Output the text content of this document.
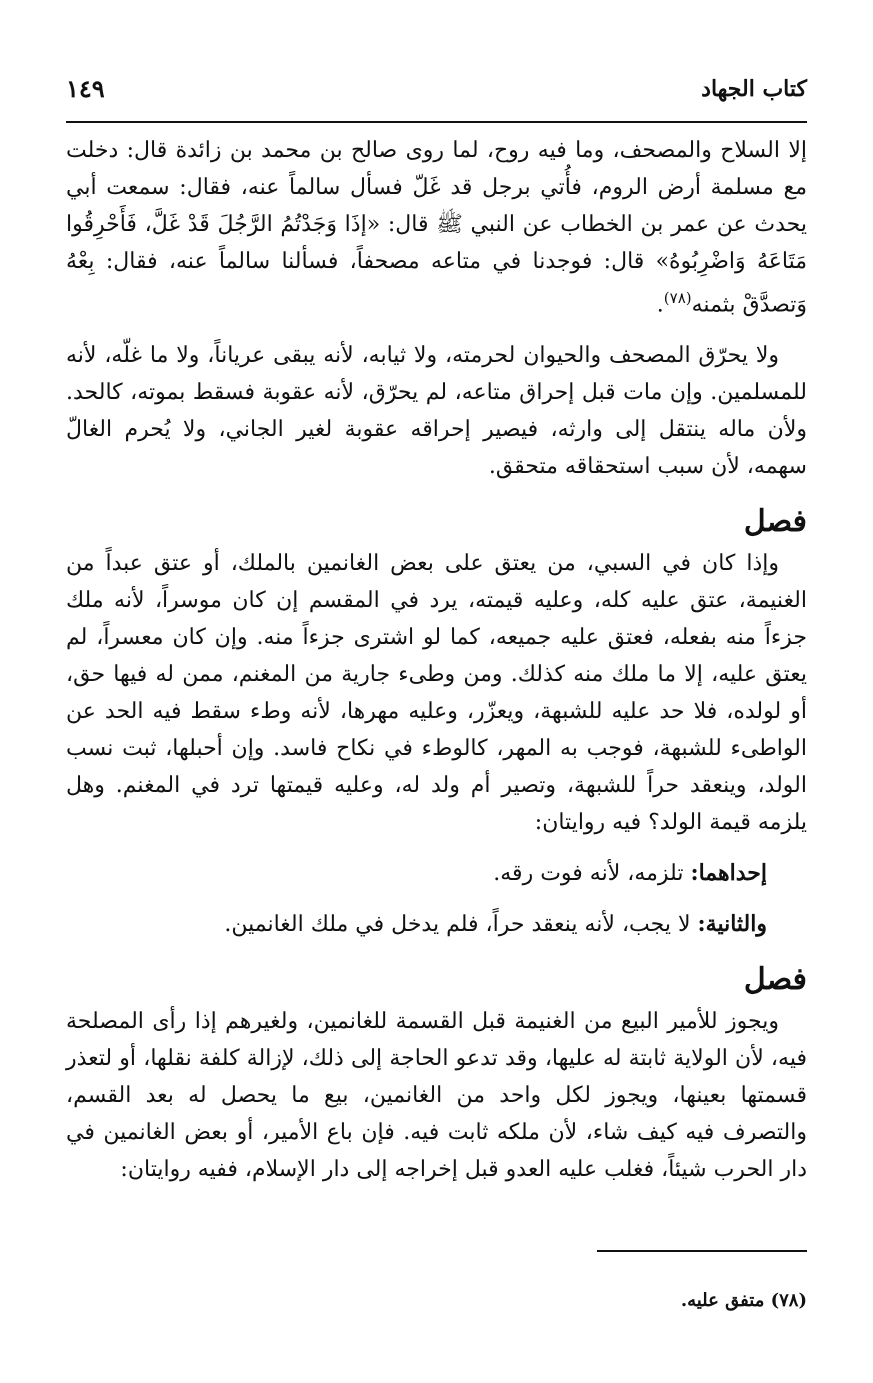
كتاب الجهاد
١٤٩

إلا السلاح والمصحف، وما فيه روح، لما روى صالح بن محمد بن زائدة قال: دخلت مع مسلمة أرض الروم، فأُتي برجل قد غَلّ فسأل سالماً عنه، فقال: سمعت أبي يحدث عن عمر بن الخطاب عن النبي ﷺ قال: «إذَا وَجَدْتُمُ الرَّجُلَ قَدْ غَلَّ، فَأَحْرِقُوا مَتَاعَهُ وَاضْرِبُوهُ» قال: فوجدنا في متاعه مصحفاً، فسألنا سالماً عنه، فقال: بِعْهُ وَتصدَّقْ بثمنه$^{(٧٨)}$.

ولا يحرّق المصحف والحيوان لحرمته، ولا ثيابه، لأنه يبقى عرياناً، ولا ما غلّه، لأنه للمسلمين. وإن مات قبل إحراق متاعه، لم يحرّق، لأنه عقوبة فسقط بموته، كالحد. ولأن ماله ينتقل إلى وارثه، فيصير إحراقه عقوبة لغير الجاني، ولا يُحرم الغالّ سهمه، لأن سبب استحقاقه متحقق.

فصل

وإذا كان في السبي، من يعتق على بعض الغانمين بالملك، أو عتق عبداً من الغنيمة، عتق عليه كله، وعليه قيمته، يرد في المقسم إن كان موسراً، لأنه ملك جزءاً منه بفعله، فعتق عليه جميعه، كما لو اشترى جزءاً منه. وإن كان معسراً، لم يعتق عليه، إلا ما ملك منه كذلك. ومن وطىء جارية من المغنم، ممن له فيها حق، أو لولده، فلا حد عليه للشبهة، ويعزّر، وعليه مهرها، لأنه وطء سقط فيه الحد عن الواطىء للشبهة، فوجب به المهر، كالوطء في نكاح فاسد. وإن أحبلها، ثبت نسب الولد، وينعقد حراً للشبهة، وتصير أم ولد له، وعليه قيمتها ترد في المغنم. وهل يلزمه قيمة الولد؟ فيه روايتان:

إحداهما: تلزمه، لأنه فوت رقه.

والثانية: لا يجب، لأنه ينعقد حراً، فلم يدخل في ملك الغانمين.

فصل

ويجوز للأمير البيع من الغنيمة قبل القسمة للغانمين، ولغيرهم إذا رأى المصلحة فيه، لأن الولاية ثابتة له عليها، وقد تدعو الحاجة إلى ذلك، لإزالة كلفة نقلها، أو لتعذر قسمتها بعينها، ويجوز لكل واحد من الغانمين، بيع ما يحصل له بعد القسم، والتصرف فيه كيف شاء، لأن ملكه ثابت فيه. فإن باع الأمير، أو بعض الغانمين في دار الحرب شيئاً، فغلب عليه العدو قبل إخراجه إلى دار الإسلام، ففيه روايتان:

(٧٨) متفق عليه.
